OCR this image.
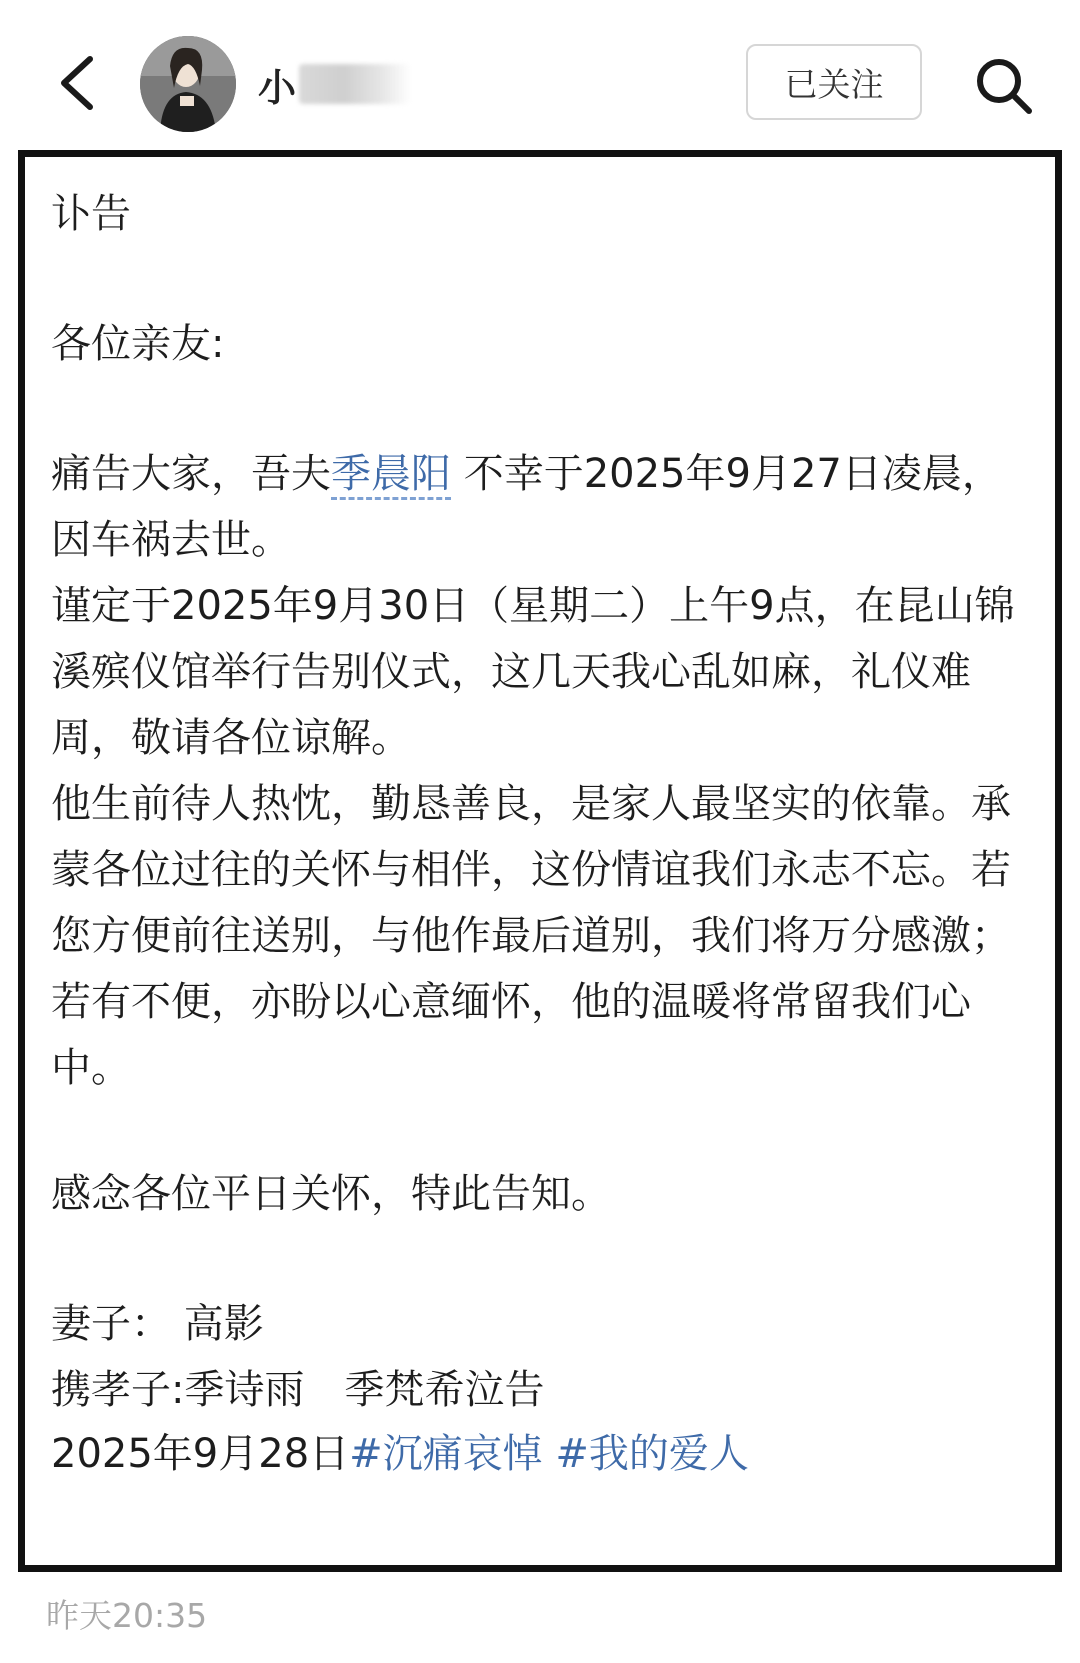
小	已关注

讣告

各位亲友:

痛告大家，吾夫季晨阳 不幸于2025年9月27日凌晨，因车祸去世。

谨定于2025年9月30日（星期二）上午9点，在昆山锦溪殡仪馆举行告别仪式，这几天我心乱如麻，礼仪难周，敬请各位谅解。

他生前待人热忱，勤恳善良，是家人最坚实的依靠。承蒙各位过往的关怀与相伴，这份情谊我们永志不忘。若您方便前往送别，与他作最后道别，我们将万分感激；若有不便，亦盼以心意缅怀，他的温暖将常留我们心中。

感念各位平日关怀，特此告知。

妻子： 高影

携孝子:季诗雨　季梵希泣告

2025年9月28日#沉痛哀悼 #我的爱人

昨天20:35
